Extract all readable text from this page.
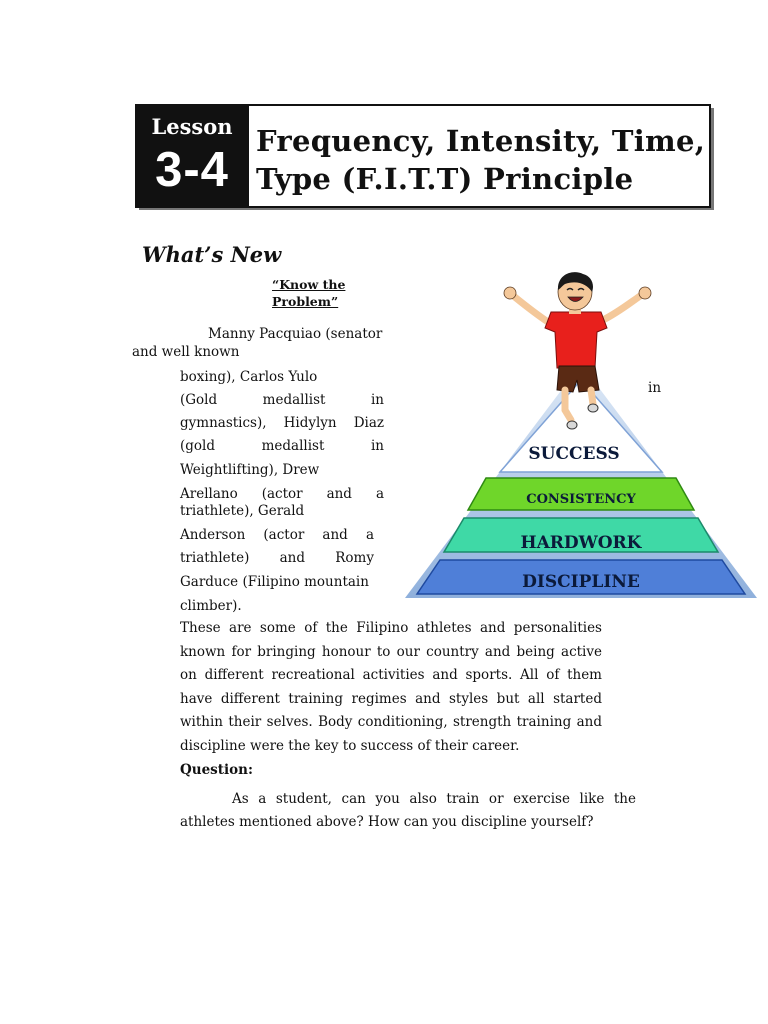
Lesson
3-4
Frequency, Intensity, Time,
Type (F.I.T.T) Principle
What’s New
“Know the
Problem”
Manny Pacquiao (senator
and well known
boxing), Carlos Yulo
(Gold	medallist	in
gymnastics), Hidylyn Diaz
(gold	medallist	in
Weightlifting), Drew
Arellano (actor and a
triathlete), Gerald
Anderson (actor and a
triathlete) and Romy
Garduce (Filipino mountain
climber).
in
These are some of the Filipino athletes and personalities known for bringing honour to our country and being active on different recreational activities and sports. All of them have different training regimes and styles but all started within their selves. Body conditioning, strength training and discipline were the key to success of their career.
Question:
As a student, can you also train or exercise like the athletes mentioned above? How can you discipline yourself?
SUCCESS
CONSISTENCY
HARDWORK
DISCIPLINE
